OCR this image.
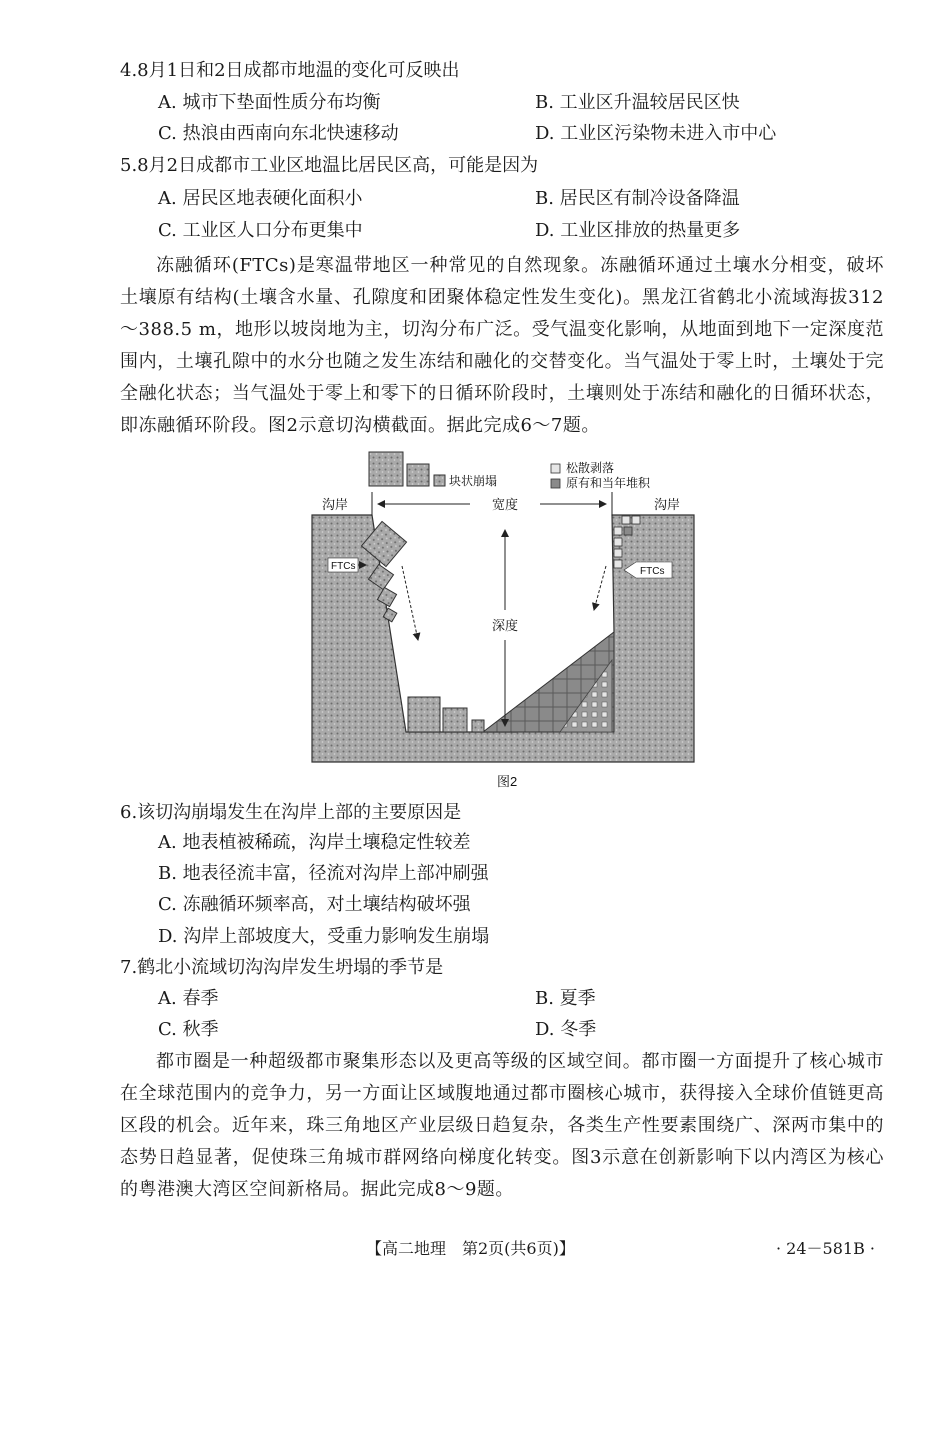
4.8月1日和2日成都市地温的变化可反映出
A. 城市下垫面性质分布均衡	B. 工业区升温较居民区快
C. 热浪由西南向东北快速移动	D. 工业区污染物未进入市中心
5.8月2日成都市工业区地温比居民区高，可能是因为
A. 居民区地表硬化面积小	B. 居民区有制冷设备降温
C. 工业区人口分布更集中	D. 工业区排放的热量更多
冻融循环(FTCs)是寒温带地区一种常见的自然现象。冻融循环通过土壤水分相变，破坏土壤原有结构(土壤含水量、孔隙度和团聚体稳定性发生变化)。黑龙江省鹤北小流域海拔312～388.5 m，地形以坡岗地为主，切沟分布广泛。受气温变化影响，从地面到地下一定深度范围内，土壤孔隙中的水分也随之发生冻结和融化的交替变化。当气温处于零上时，土壤处于完全融化状态；当气温处于零上和零下的日循环阶段时，土壤则处于冻结和融化的日循环状态，即冻融循环阶段。图2示意切沟横截面。据此完成6～7题。
块状崩塌
松散剥落
原有和当年堆积
沟岸	沟岸
宽度
深度
FTCs	FTCs
图2
6.该切沟崩塌发生在沟岸上部的主要原因是
A. 地表植被稀疏，沟岸土壤稳定性较差
B. 地表径流丰富，径流对沟岸上部冲刷强
C. 冻融循环频率高，对土壤结构破坏强
D. 沟岸上部坡度大，受重力影响发生崩塌
7.鹤北小流域切沟沟岸发生坍塌的季节是
A. 春季	B. 夏季
C. 秋季	D. 冬季
都市圈是一种超级都市聚集形态以及更高等级的区域空间。都市圈一方面提升了核心城市在全球范围内的竞争力，另一方面让区域腹地通过都市圈核心城市，获得接入全球价值链更高区段的机会。近年来，珠三角地区产业层级日趋复杂，各类生产性要素围绕广、深两市集中的态势日趋显著，促使珠三角城市群网络向梯度化转变。图3示意在创新影响下以内湾区为核心的粤港澳大湾区空间新格局。据此完成8～9题。
【高二地理　第2页(共6页)】	· 24－581B ·
